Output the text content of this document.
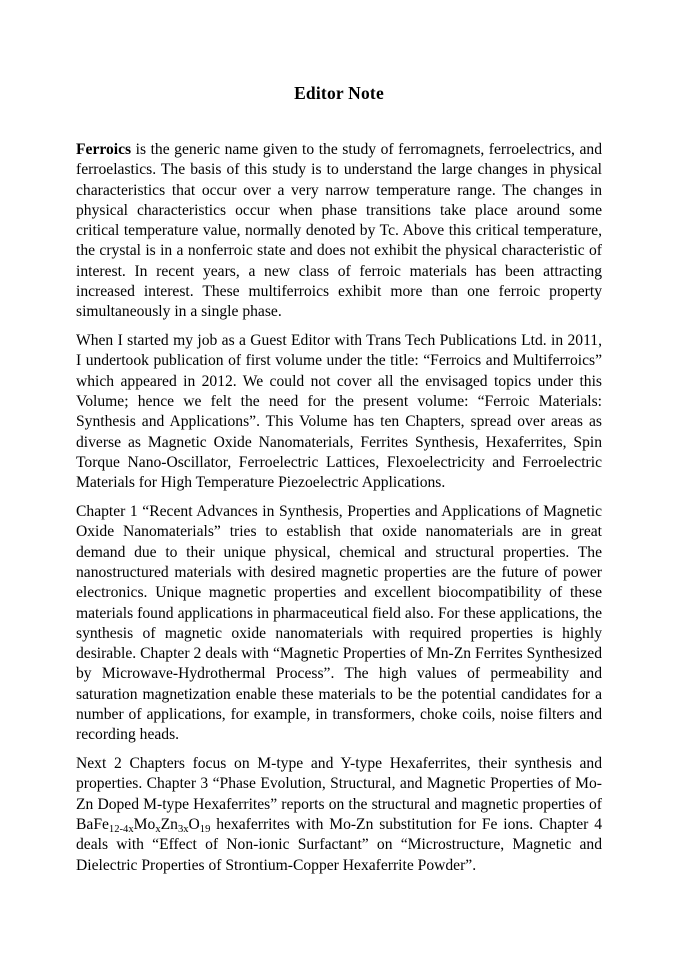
Editor Note

Ferroics is the generic name given to the study of ferromagnets, ferroelectrics, and ferroelastics. The basis of this study is to understand the large changes in physical characteristics that occur over a very narrow temperature range. The changes in physical characteristics occur when phase transitions take place around some critical temperature value, normally denoted by Tc. Above this critical temperature, the crystal is in a nonferroic state and does not exhibit the physical characteristic of interest. In recent years, a new class of ferroic materials has been attracting increased interest. These multiferroics exhibit more than one ferroic property simultaneously in a single phase.

When I started my job as a Guest Editor with Trans Tech Publications Ltd. in 2011, I undertook publication of first volume under the title: “Ferroics and Multiferroics” which appeared in 2012. We could not cover all the envisaged topics under this Volume; hence we felt the need for the present volume: “Ferroic Materials: Synthesis and Applications”. This Volume has ten Chapters, spread over areas as diverse as Magnetic Oxide Nanomaterials, Ferrites Synthesis, Hexaferrites, Spin Torque Nano-Oscillator, Ferroelectric Lattices, Flexoelectricity and Ferroelectric Materials for High Temperature Piezoelectric Applications.

Chapter 1 “Recent Advances in Synthesis, Properties and Applications of Magnetic Oxide Nanomaterials” tries to establish that oxide nanomaterials are in great demand due to their unique physical, chemical and structural properties. The nanostructured materials with desired magnetic properties are the future of power electronics. Unique magnetic properties and excellent biocompatibility of these materials found applications in pharmaceutical field also. For these applications, the synthesis of magnetic oxide nanomaterials with required properties is highly desirable. Chapter 2 deals with “Magnetic Properties of Mn-Zn Ferrites Synthesized by Microwave-Hydrothermal Process”. The high values of permeability and saturation magnetization enable these materials to be the potential candidates for a number of applications, for example, in transformers, choke coils, noise filters and recording heads.

Next 2 Chapters focus on M-type and Y-type Hexaferrites, their synthesis and properties. Chapter 3 “Phase Evolution, Structural, and Magnetic Properties of Mo-Zn Doped M-type Hexaferrites” reports on the structural and magnetic properties of $BaFe_{12-4x}Mo_xZn_{3x}O_{19}$ hexaferrites with Mo-Zn substitution for Fe ions. Chapter 4 deals with “Effect of Non-ionic Surfactant” on “Microstructure, Magnetic and Dielectric Properties of Strontium-Copper Hexaferrite Powder”.
